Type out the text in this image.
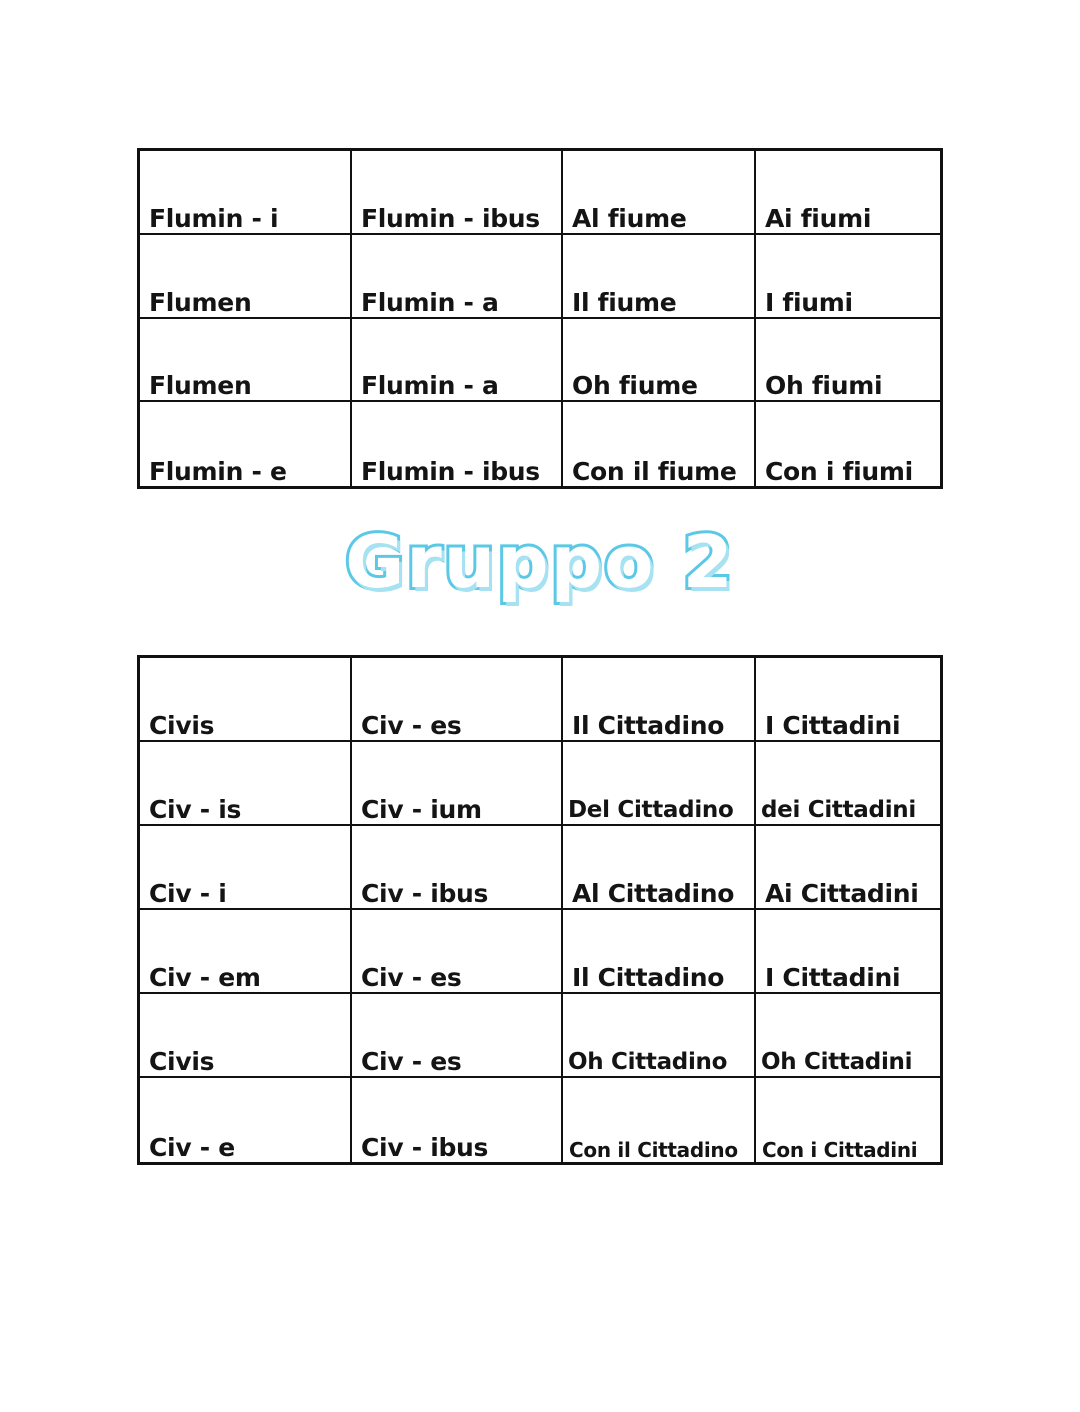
Flumin - i	Flumin - ibus	Al fiume	Ai fiumi
Flumen	Flumin - a	Il fiume	I fiumi
Flumen	Flumin - a	Oh fiume	Oh fiumi
Flumin - e	Flumin - ibus	Con il fiume	Con i fiumi
Gruppo 2
Civis	Civ - es	Il Cittadino	I Cittadini
Civ - is	Civ - ium	Del Cittadino	dei Cittadini
Civ - i	Civ - ibus	Al Cittadino	Ai Cittadini
Civ - em	Civ - es	Il Cittadino	I Cittadini
Civis	Civ - es	Oh Cittadino	Oh Cittadini
Civ - e	Civ - ibus	Con il Cittadino	Con i Cittadini
